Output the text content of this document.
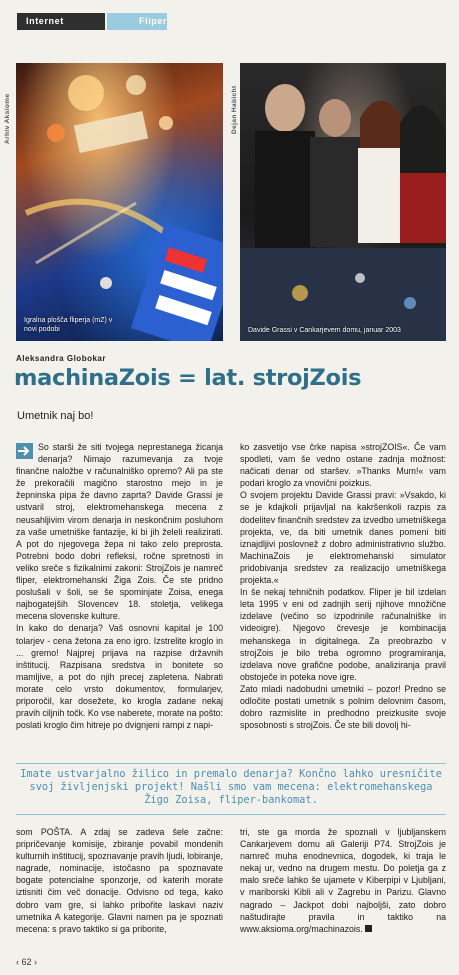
Internet	Fliper
Arhiv Aksiome	Dejan Habicht
Igralna plošča fliperja (mZ) v novi podobi	Davide Grassi v Cankarjevem domu, januar 2003
Aleksandra Globokar
machinaZois = lat. strojZois
Umetnik naj bo!

So starši že siti tvojega neprestanega žicanja denarja? Nimajo razumevanja za tvoje finančne naložbe v računalniško opremo? Ali pa ste že prekoračili magično starostno mejo in je žepninska pipa že davno zaprta? Davide Grassi je ustvaril stroj, elektromehanskega mecena z neusahljivim virom denarja in neskončnim posluhom za vaše umetniške fantazije, ki bi jih želeli realizirati. A pot do njegovega žepa ni tako zelo preprosta. Potrebni bodo dobri refleksi, ročne spretnosti in veliko sreče s fizikalnimi zakoni: StrojZois je namreč fliper, elektromehanski Žiga Zois. Če ste pridno poslušali v šoli, se še spominjate Zoisa, enega najbogatejših Slovencev 18. stoletja, velikega mecena slovenske kulture.

In kako do denarja? Vaš osnovni kapital je 100 tolarjev - cena žetona za eno igro. Izstrelite kroglo in ... gremo! Najprej prijava na razpise državnih inštitucij. Razpisana sredstva in bonitete so mamljive, a pot do njih precej zapletena. Nabrati morate celo vrsto dokumentov, formularjev, priporočil, kar dosežete, ko krogla zadane nekaj pravih ciljnih točk. Ko vse naberete, morate na pošto: poslati kroglo čim hitreje po dvignjeni rampi z napi-

ko zasvetijo vse črke napisa »strojZOIS«. Če vam spodleti, vam še vedno ostane zadnja možnost: načicati denar od staršev. »Thanks Mum!« vam podari kroglo za vnovični poizkus.

O svojem projektu Davide Grassi pravi: »Vsakdo, ki se je kdajkoli prijavljal na kakršenkoli razpis za dodelitev finančnih sredstev za izvedbo umetniškega projekta, ve, da biti umetnik danes pomeni biti iznajdljivi poslovnež z dobro administrativno službo. MachinaZois je elektromehanski simulator pridobivanja sredstev za realizacijo umetniškega projekta.«

In še nekaj tehničnih podatkov. Fliper je bil izdelan leta 1995 v eni od zadnjih serij njihove množične izdelave (večino so izpodrinile računalniške in videoigre). Njegovo črevesje je kombinacija mehanskega in digitalnega. Za preobrazbo v strojZois je bilo treba ogromno programiranja, izdelava nove grafične podobe, analiziranja pravil obstoječe in poteka nove igre.

Zato mladi nadobudni umetniki – pozor! Predno se odločite postati umetnik s polnim delovnim časom, dobro razmislite in predhodno preizkusite svoje sposobnosti s strojZois. Če ste bili dovolj hi-

Imate ustvarjalno žilico in premalo denarja? Končno lahko uresničite svoj življenjski projekt! Našli smo vam mecena: elektromehanskega Žigo Zoisa, fliper-bankomat.

som POŠTA. A zdaj se zadeva šele začne: pripričevanje komisije, zbiranje povabil mondenih kulturnih inštitucij, spoznavanje pravih ljudi, lobiranje, nagrade, nominacije, istočasno pa spoznavate bogate potencialne sponzorje, od katerih morate iztisniti čim več donacije. Odvisno od tega, kako dobro vam gre, si lahko pribořite laskavi naziv umetnika A kategorije. Glavni namen pa je spoznati mecena: s pravo taktiko si ga priborite,

tri, ste ga morda že spoznali v ljubljanskem Cankarjevem domu ali Galeriji P74. StrojZois je namreč muha enodnevnica, dogodek, ki traja le nekaj ur, vedno na drugem mestu. Do poletja ga z malo sreče lahko še ujamete v Kiberpipi v Ljubljani, v mariborski Kibli ali v Zagrebu in Parizu. Glavno nagrado – Jackpot dobi najboljši, zato dobro naštudirajte pravila in taktiko na www.aksioma.org/machinazois.

‹ 62 ›
